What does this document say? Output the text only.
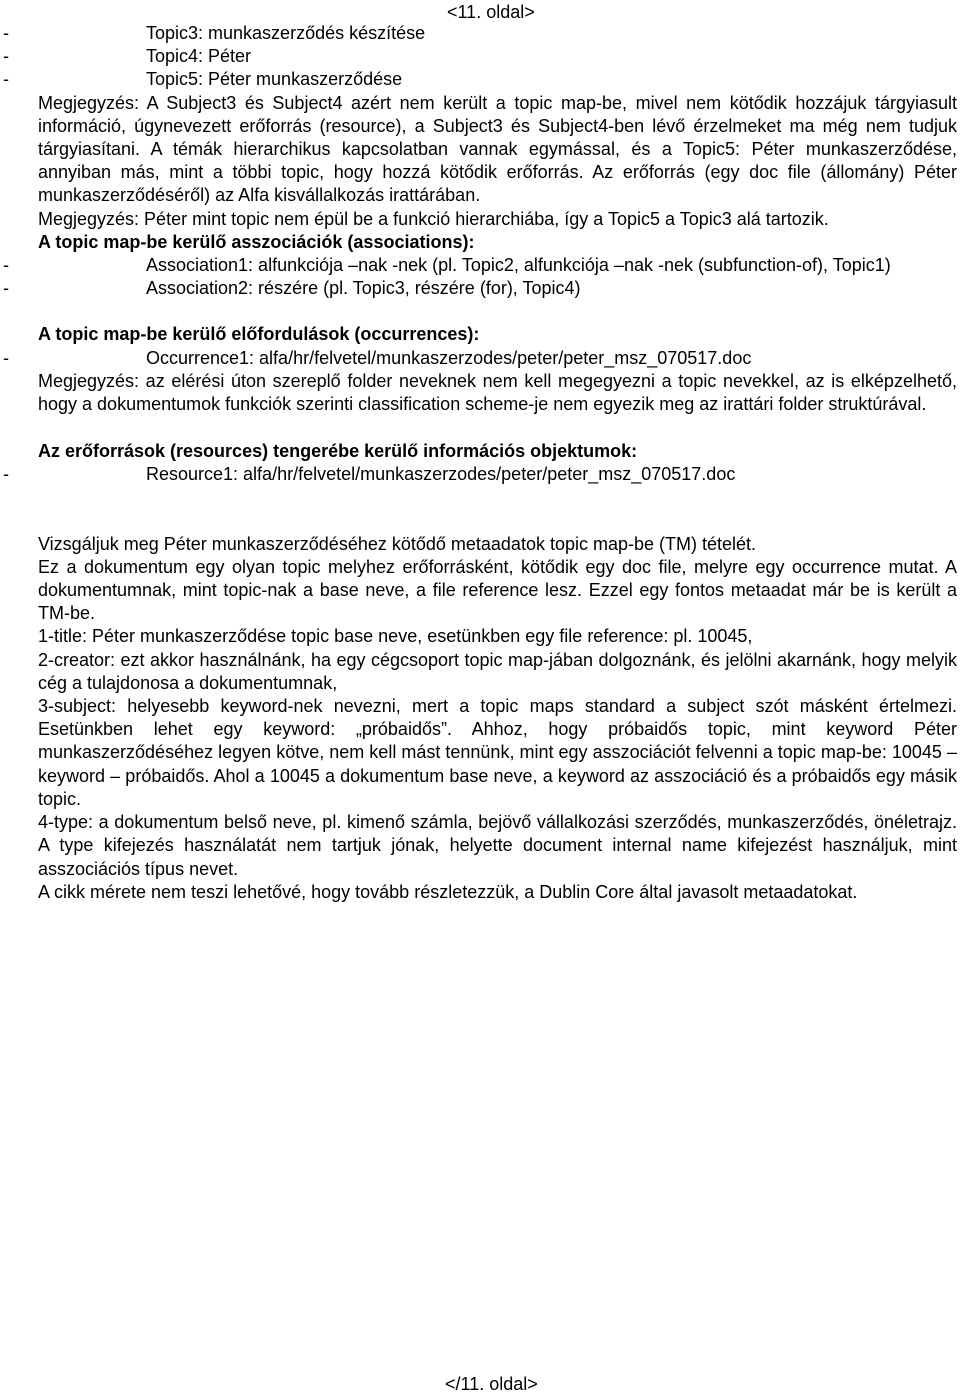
<11. oldal>
-	Topic3: munkaszerződés készítése
-	Topic4: Péter
-	Topic5: Péter munkaszerződése
Megjegyzés: A Subject3 és Subject4 azért nem került a topic map-be, mivel nem kötődik hozzájuk tárgyiasult információ, úgynevezett erőforrás (resource), a Subject3 és Subject4-ben lévő érzelmeket ma még nem tudjuk tárgyiasítani. A témák hierarchikus kapcsolatban vannak egymással, és a Topic5: Péter munkaszerződése, annyiban más, mint a többi topic, hogy hozzá kötődik erőforrás. Az erőforrás (egy doc file (állomány) Péter munkaszerződéséről) az Alfa kisvállalkozás irattárában.
Megjegyzés: Péter mint topic nem épül be a funkció hierarchiába, így a Topic5 a Topic3 alá tartozik.
A topic map-be kerülő asszociációk (associations):
-	Association1: alfunkciója –nak -nek (pl. Topic2, alfunkciója –nak -nek (subfunction-of), Topic1)
-	Association2: részére (pl. Topic3, részére (for), Topic4)
A topic map-be kerülő előfordulások (occurrences):
-	Occurrence1: alfa/hr/felvetel/munkaszerzodes/peter/peter_msz_070517.doc
Megjegyzés: az elérési úton szereplő folder neveknek nem kell megegyezni a topic nevekkel, az is elképzelhető, hogy a dokumentumok funkciók szerinti classification scheme-je nem egyezik meg az irattári folder struktúrával.
Az erőforrások (resources) tengerébe kerülő információs objektumok:
-	Resource1: alfa/hr/felvetel/munkaszerzodes/peter/peter_msz_070517.doc
Vizsgáljuk meg Péter munkaszerződéséhez kötődő metaadatok topic map-be (TM) tételét.
Ez a dokumentum egy olyan topic melyhez erőforrásként, kötődik egy doc file, melyre egy occurrence mutat. A dokumentumnak, mint topic-nak a base neve, a file reference lesz. Ezzel egy fontos metaadat már be is került a TM-be.
1-title: Péter munkaszerződése topic base neve, esetünkben egy file reference: pl. 10045,
2-creator: ezt akkor használnánk, ha egy cégcsoport topic map-jában dolgoznánk, és jelölni akarnánk, hogy melyik cég a tulajdonosa a dokumentumnak,
3-subject: helyesebb keyword-nek nevezni, mert a topic maps standard a subject szót másként értelmezi. Esetünkben lehet egy keyword: „próbaidős”. Ahhoz, hogy próbaidős topic, mint keyword Péter munkaszerződéséhez legyen kötve, nem kell mást tennünk, mint egy asszociációt felvenni a topic map-be: 10045 – keyword – próbaidős. Ahol a 10045 a dokumentum base neve, a keyword az asszociáció és a próbaidős egy másik topic.
4-type: a dokumentum belső neve, pl. kimenő számla, bejövő vállalkozási szerződés, munkaszerződés, önéletrajz. A type kifejezés használatát nem tartjuk jónak, helyette document internal name kifejezést használjuk, mint asszociációs típus nevet.
A cikk mérete nem teszi lehetővé, hogy tovább részletezzük, a Dublin Core által javasolt metaadatokat.
</11. oldal>
